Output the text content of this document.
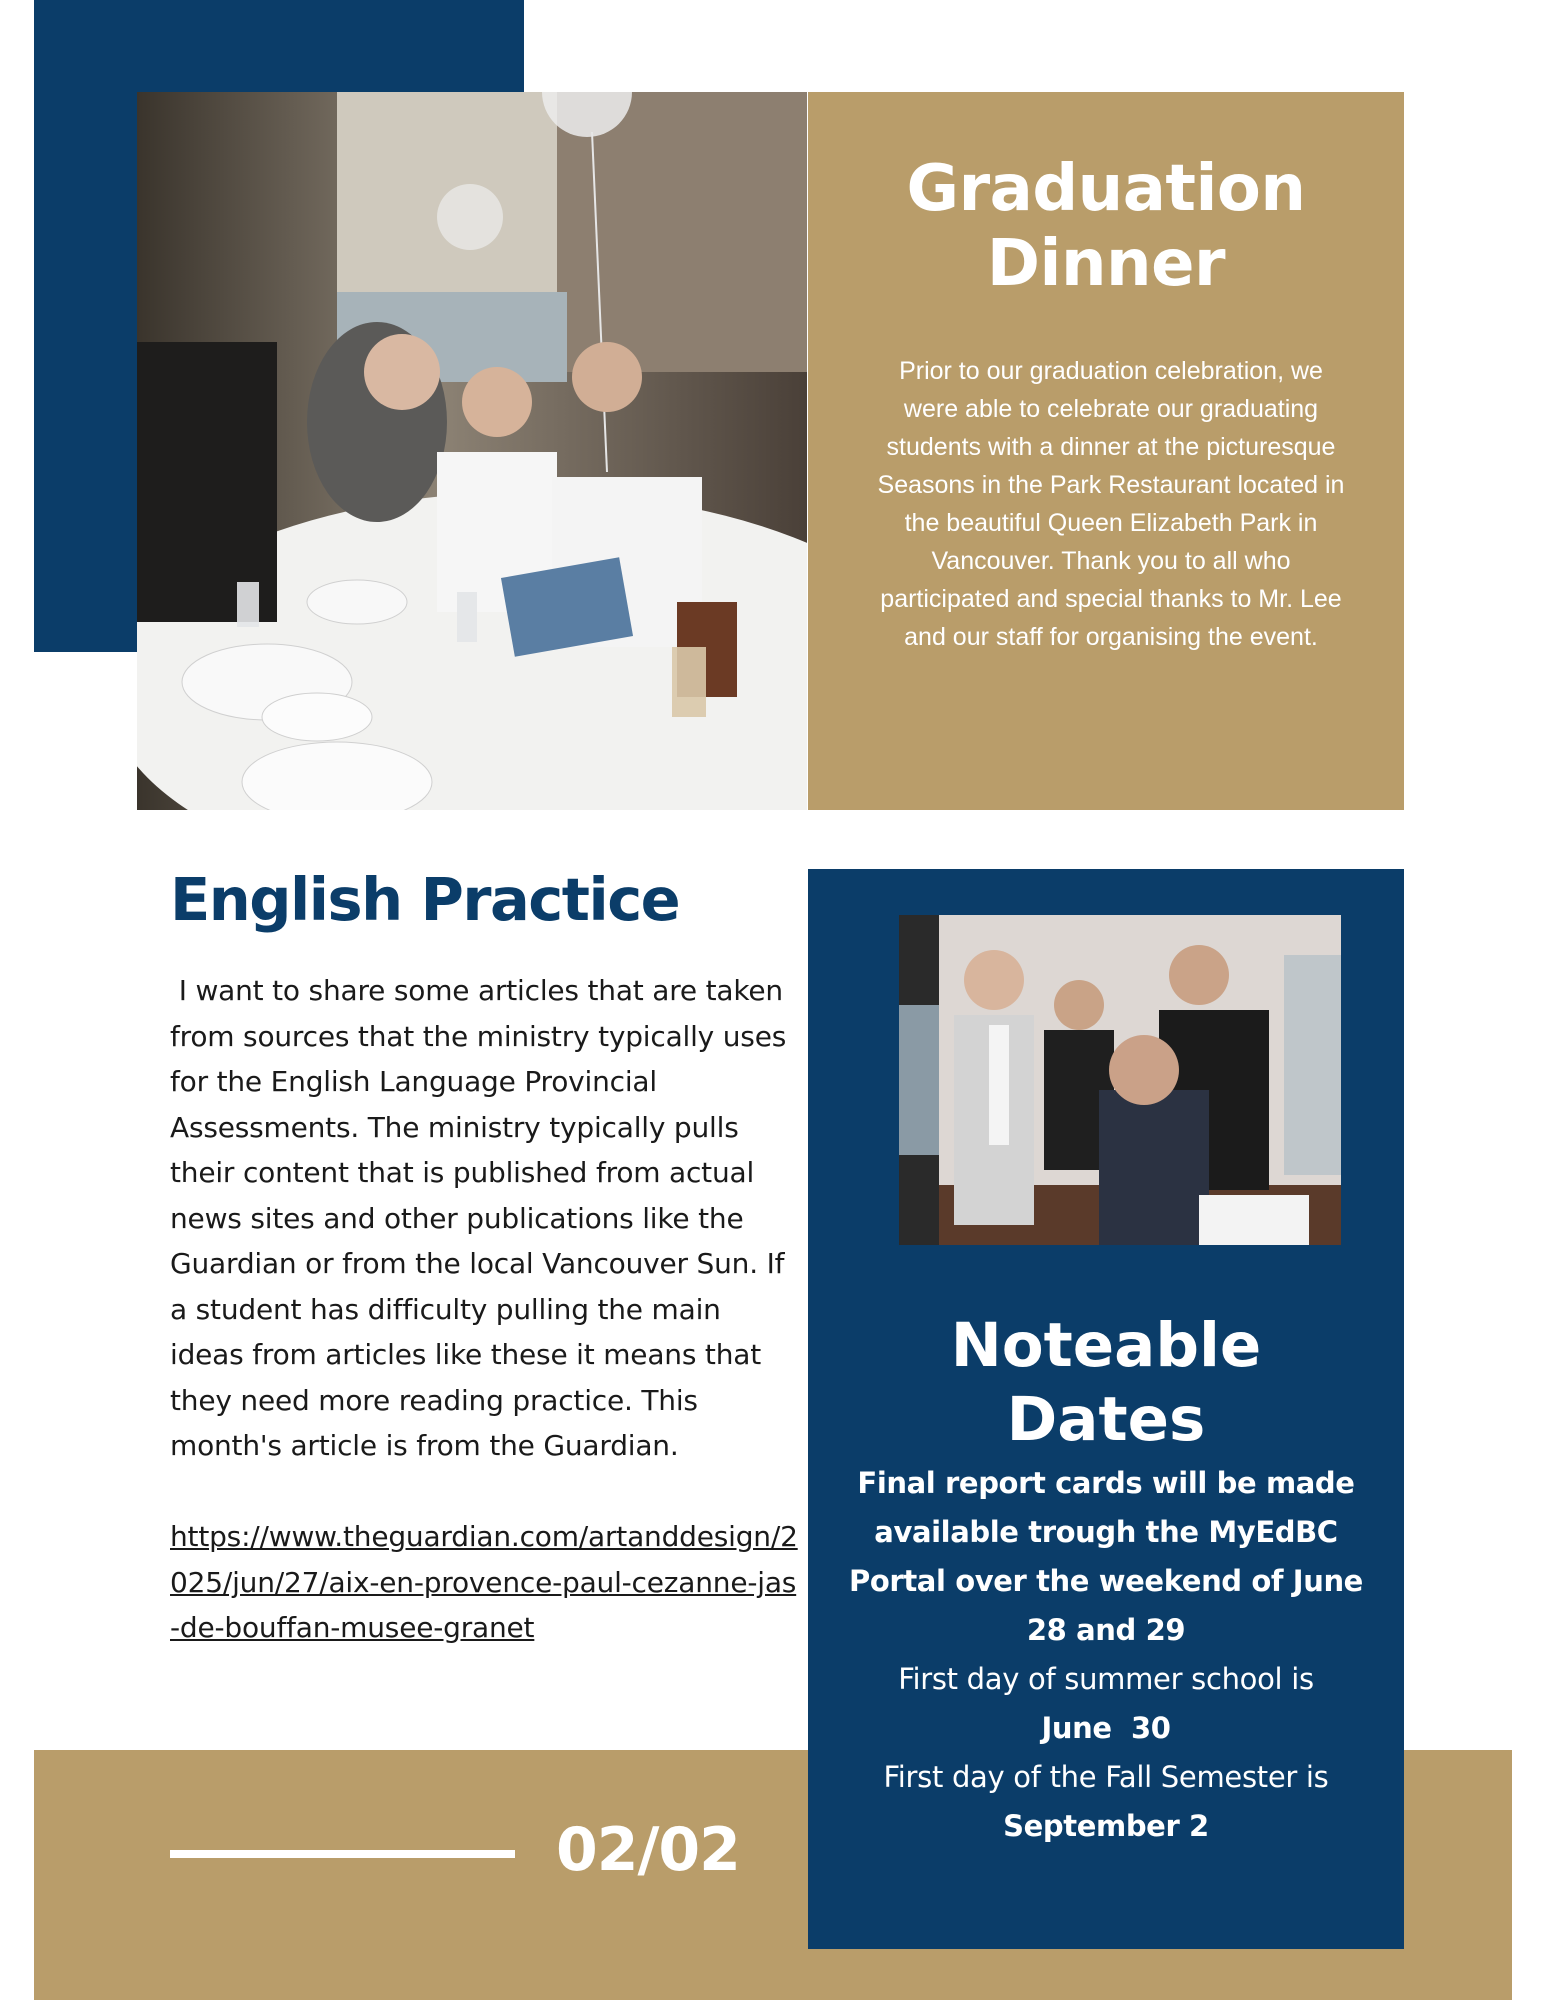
Graduation
Dinner

Prior to our graduation celebration, we were able to celebrate our graduating students with a dinner at the picturesque Seasons in the Park Restaurant located in the beautiful Queen Elizabeth Park in Vancouver. Thank you to all who participated and special thanks to Mr. Lee and our staff for organising the event.

English Practice

I want to share some articles that are taken from sources that the ministry typically uses for the English Language Provincial Assessments. The ministry typically pulls their content that is published from actual news sites and other publications like the Guardian or from the local Vancouver Sun. If a student has difficulty pulling the main ideas from articles like these it means that they need more reading practice. This month's article is from the Guardian.

https://www.theguardian.com/artanddesign/2025/jun/27/aix-en-provence-paul-cezanne-jas-de-bouffan-musee-granet
Noteable
Dates
Final report cards will be made available trough the MyEdBC Portal over the weekend of June 28 and 29
First day of summer school is
June  30
First day of the Fall Semester is
September 2
02/02
